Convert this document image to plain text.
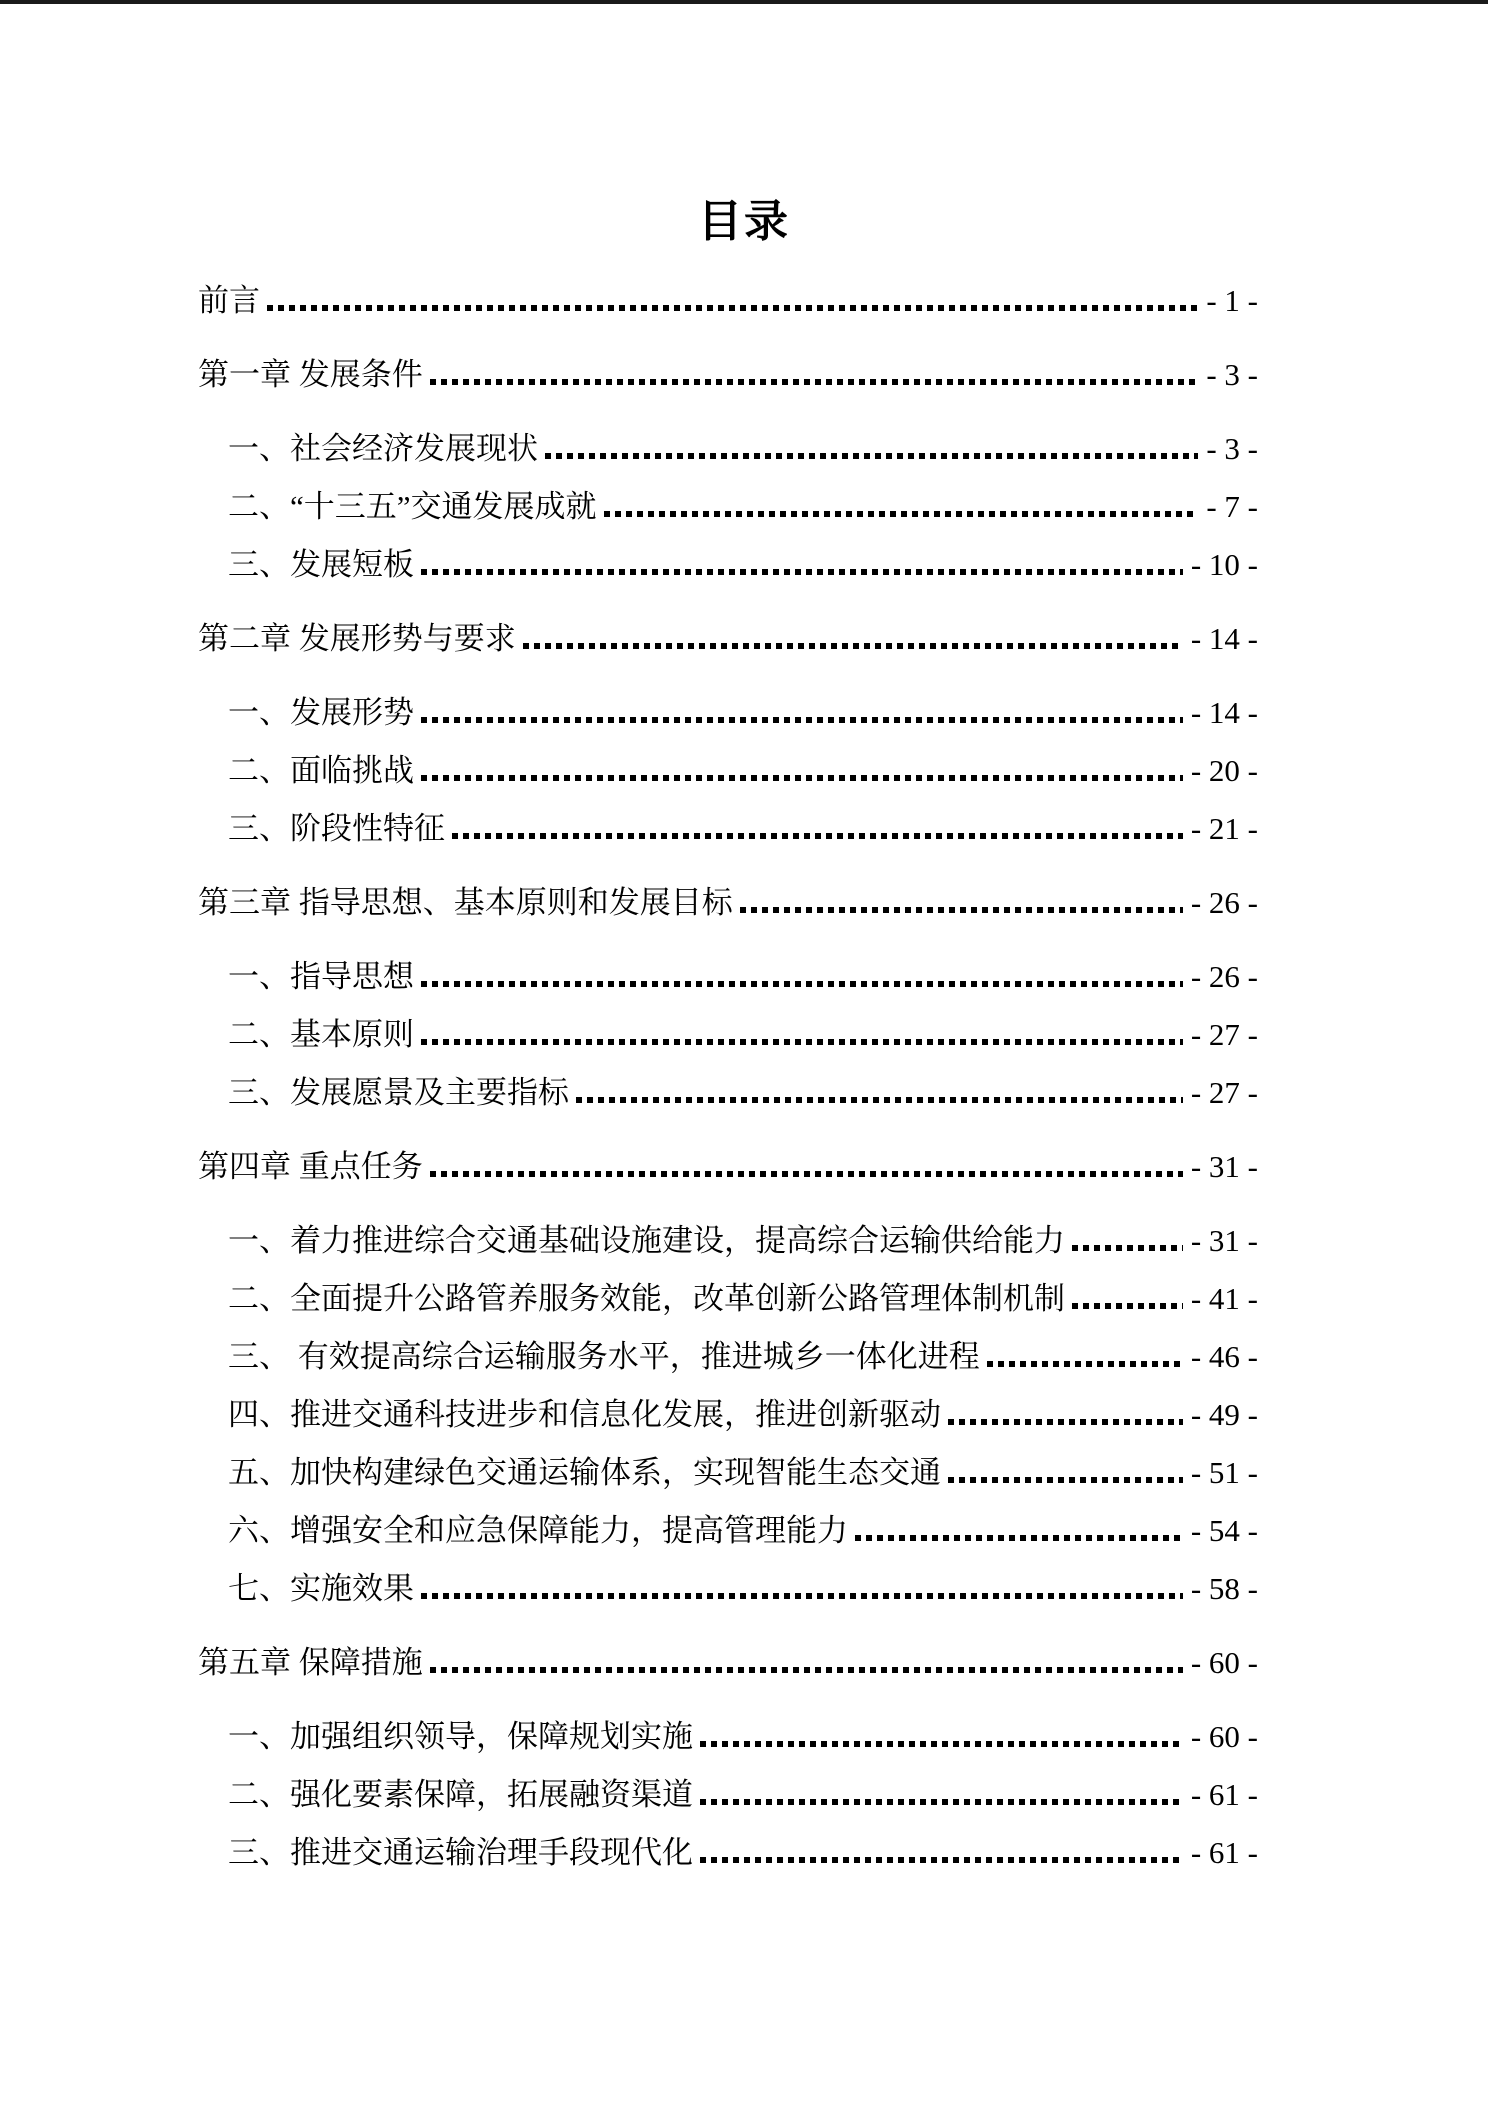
目录
前言	- 1 -
第一章 发展条件	- 3 -
一、社会经济发展现状	- 3 -
二、“十三五”交通发展成就	- 7 -
三、发展短板	- 10 -
第二章 发展形势与要求	- 14 -
一、发展形势	- 14 -
二、面临挑战	- 20 -
三、阶段性特征	- 21 -
第三章 指导思想、基本原则和发展目标	- 26 -
一、指导思想	- 26 -
二、基本原则	- 27 -
三、发展愿景及主要指标	- 27 -
第四章 重点任务	- 31 -
一、着力推进综合交通基础设施建设，提高综合运输供给能力	- 31 -
二、全面提升公路管养服务效能，改革创新公路管理体制机制	- 41 -
三、 有效提高综合运输服务水平，推进城乡一体化进程	- 46 -
四、推进交通科技进步和信息化发展，推进创新驱动	- 49 -
五、加快构建绿色交通运输体系，实现智能生态交通	- 51 -
六、增强安全和应急保障能力，提高管理能力	- 54 -
七、实施效果	- 58 -
第五章 保障措施	- 60 -
一、加强组织领导，保障规划实施	- 60 -
二、强化要素保障，拓展融资渠道	- 61 -
三、推进交通运输治理手段现代化	- 61 -
